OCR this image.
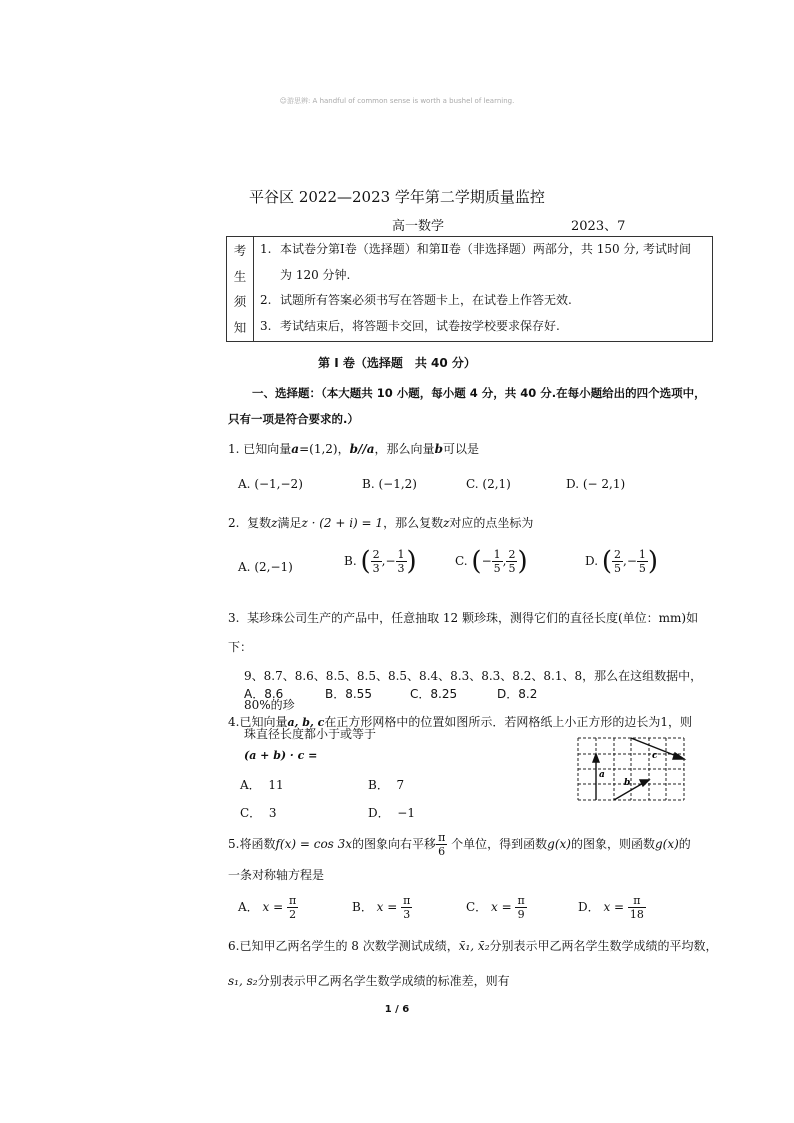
☺游思辨: A handful of common sense is worth a bushel of learning.
平谷区 2022—2023 学年第二学期质量监控
高一数学	2023、7
考
生
须
知

1. 本试卷分第Ⅰ卷（选择题）和第Ⅱ卷（非选择题）两部分，共 150 分, 考试时间
为 120 分钟.
2. 试题所有答案必须书写在答题卡上，在试卷上作答无效.
3. 考试结束后，将答题卡交回，试卷按学校要求保存好.
第 I 卷（选择题　共 40 分）
一、选择题：（本大题共 10 小题，每小题 4 分，共 40 分.在每小题给出的四个选项中，
只有一项是符合要求的.）
1. 已知向量a=(1,2)，b//a，那么向量b可以是
A. (−1,−2)	B. (−1,2)	C. (2,1)	D. (− 2,1)
2. 复数z满足z · (2 + i) = 1，那么复数z对应的点坐标为
A. (2,−1)	B. ( $\frac{2}{3}$ ,− $\frac{1}{3}$ )	C. (− $\frac{1}{5}$ , $\frac{2}{5}$ )	D. ( $\frac{2}{5}$ ,− $\frac{1}{5}$ )
3. 某珍珠公司生产的产品中，任意抽取 12 颗珍珠，测得它们的直径长度(单位：mm)如下：
9、8.7、8.6、8.5、8.5、8.5、8.4、8.3、8.3、8.2、8.1、8，那么在这组数据中，80%的珍
珠直径长度都小于或等于
A．8.6	B．8.55	C．8.25	D．8.2
4.已知向量a, b, c在正方形网格中的位置如图所示．若网格纸上小正方形的边长为1，则
(a + b) · c =
A． 11	B． 7
C． 3	D． −1
a
b
c
5.将函数f(x) = cos 3x的图象向右平移 $\frac{\pi}{6}$ 个单位，得到函数g(x)的图象，则函数g(x)的
一条对称轴方程是
A． $x = \frac{\pi}{2}$	B． $x = \frac{\pi}{3}$	C． $x = \frac{\pi}{9}$	D． $x = \frac{\pi}{18}$
6.已知甲乙两名学生的 8 次数学测试成绩，x̄₁, x̄₂分别表示甲乙两名学生数学成绩的平均数，
s₁, s₂分别表示甲乙两名学生数学成绩的标准差，则有
1 / 6
